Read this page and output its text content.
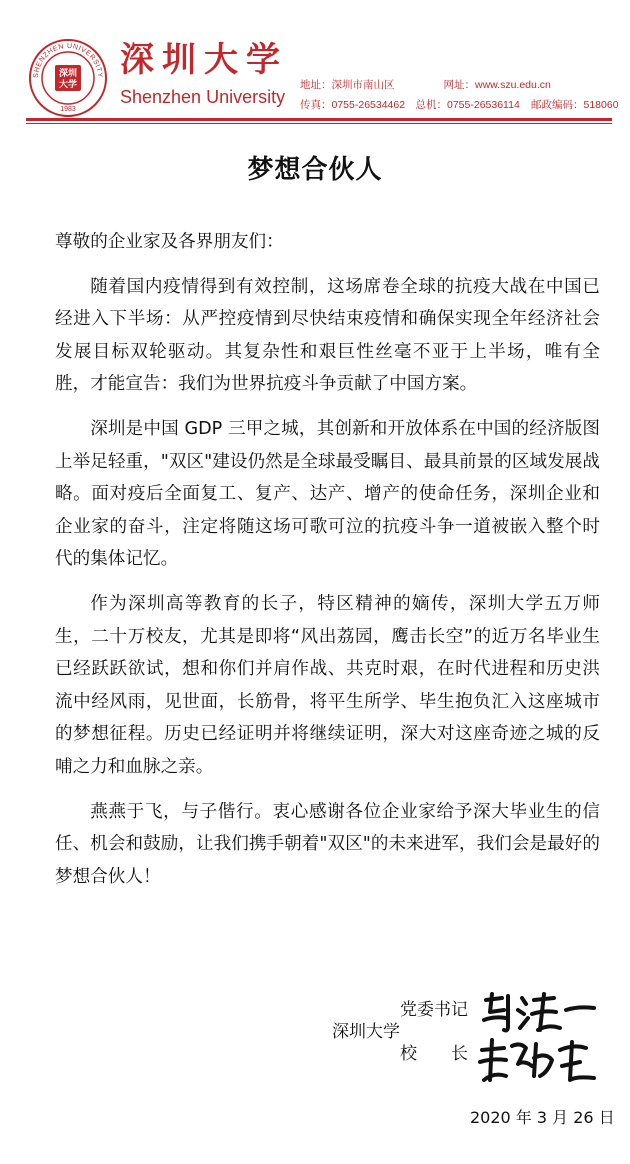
SHENZHEN UNIVERSITY
深圳
大学
1983
深圳大学
Shenzhen University
地址：深圳市南山区	网址：www.szu.edu.cn
传真：0755-26534462 总机：0755-26536114 邮政编码：518060
梦想合伙人

尊敬的企业家及各界朋友们：

随着国内疫情得到有效控制，这场席卷全球的抗疫大战在中国已经进入下半场：从严控疫情到尽快结束疫情和确保实现全年经济社会发展目标双轮驱动。其复杂性和艰巨性丝毫不亚于上半场，唯有全胜，才能宣告：我们为世界抗疫斗争贡献了中国方案。

深圳是中国 GDP 三甲之城，其创新和开放体系在中国的经济版图上举足轻重，"双区"建设仍然是全球最受瞩目、最具前景的区域发展战略。面对疫后全面复工、复产、达产、增产的使命任务，深圳企业和企业家的奋斗，注定将随这场可歌可泣的抗疫斗争一道被嵌入整个时代的集体记忆。

作为深圳高等教育的长子，特区精神的嫡传，深圳大学五万师生，二十万校友，尤其是即将“风出荔园，鹰击长空”的近万名毕业生已经跃跃欲试，想和你们并肩作战、共克时艰，在时代进程和历史洪流中经风雨，见世面，长筋骨，将平生所学、毕生抱负汇入这座城市的梦想征程。历史已经证明并将继续证明，深大对这座奇迹之城的反哺之力和血脉之亲。

燕燕于飞，与子偕行。衷心感谢各位企业家给予深大毕业生的信任、机会和鼓励，让我们携手朝着"双区"的未来进军，我们会是最好的梦想合伙人！

深圳大学
党委书记
校　　长
2020 年 3 月 26 日
